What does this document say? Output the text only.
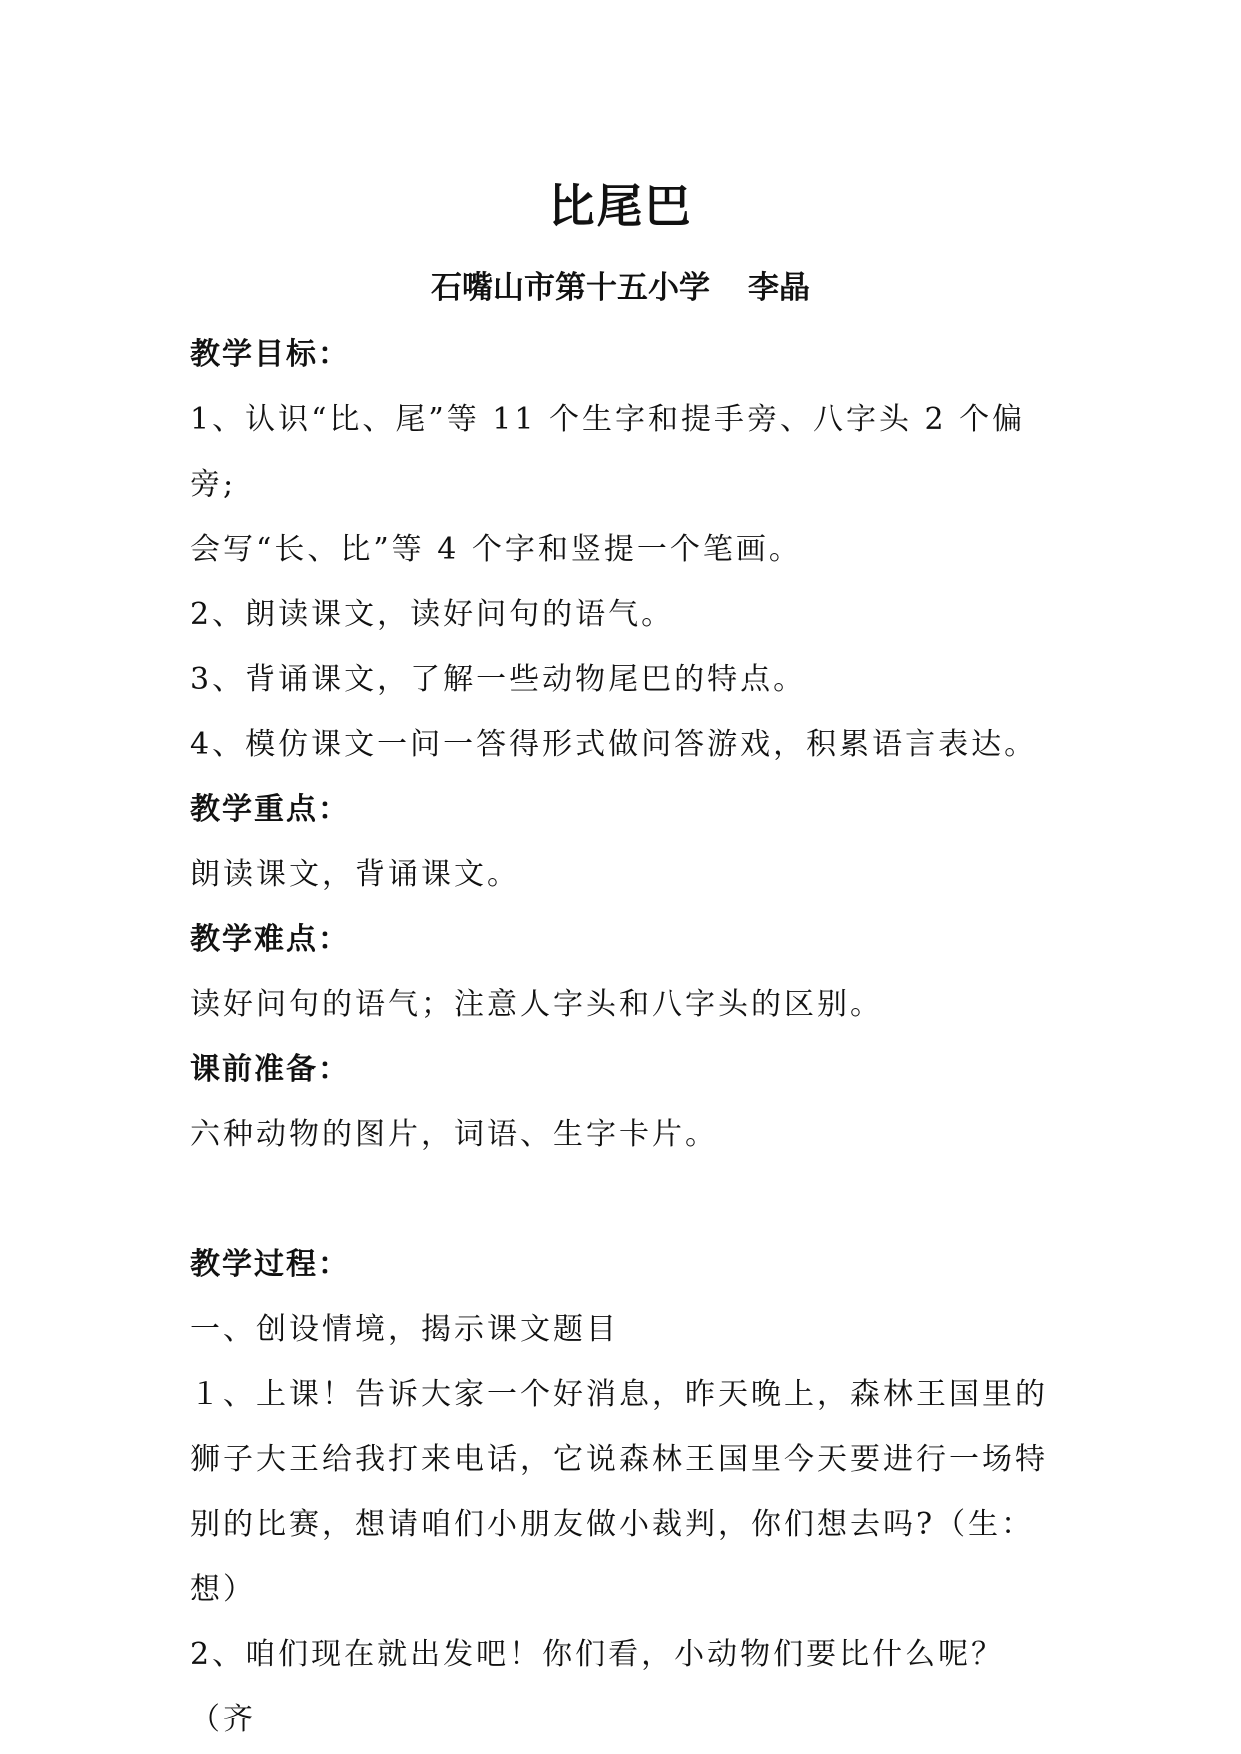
比尾巴
石嘴山市第十五小学 李晶

教学目标：

1、认识“比、尾”等 11 个生字和提手旁、八字头 2 个偏旁;

会写“长、比”等 4 个字和竖提一个笔画。

2、朗读课文，读好问句的语气。

3、背诵课文，了解一些动物尾巴的特点。

4、模仿课文一问一答得形式做问答游戏，积累语言表达。

教学重点：

朗读课文，背诵课文。

教学难点：

读好问句的语气；注意人字头和八字头的区别。

课前准备：

六种动物的图片，词语、生字卡片。

教学过程：

一、创设情境，揭示课文题目

１、上课！告诉大家一个好消息，昨天晚上，森林王国里的

狮子大王给我打来电话，它说森林王国里今天要进行一场特

别的比赛，想请咱们小朋友做小裁判，你们想去吗?（生：

想）

2、咱们现在就出发吧！你们看，小动物们要比什么呢？（齐
